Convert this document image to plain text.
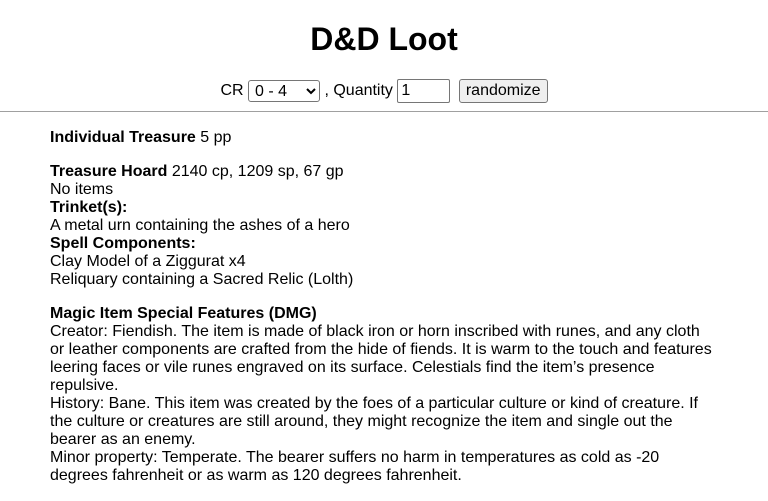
D&D Loot
CR
0 - 4	, Quantity 1	randomize
Individual Treasure 5 pp
Treasure Hoard 2140 cp, 1209 sp, 67 gp
No items
Trinket(s):
A metal urn containing the ashes of a hero
Spell Components:
Clay Model of a Ziggurat x4
Reliquary containing a Sacred Relic (Lolth)
Magic Item Special Features (DMG)
Creator: Fiendish. The item is made of black iron or horn inscribed with runes, and any cloth or leather components are crafted from the hide of fiends. It is warm to the touch and features leering faces or vile runes engraved on its surface. Celestials find the item’s presence repulsive.
History: Bane. This item was created by the foes of a particular culture or kind of creature. If the culture or creatures are still around, they might recognize the item and single out the bearer as an enemy.
Minor property: Temperate. The bearer suffers no harm in temperatures as cold as -20 degrees fahrenheit or as warm as 120 degrees fahrenheit.
